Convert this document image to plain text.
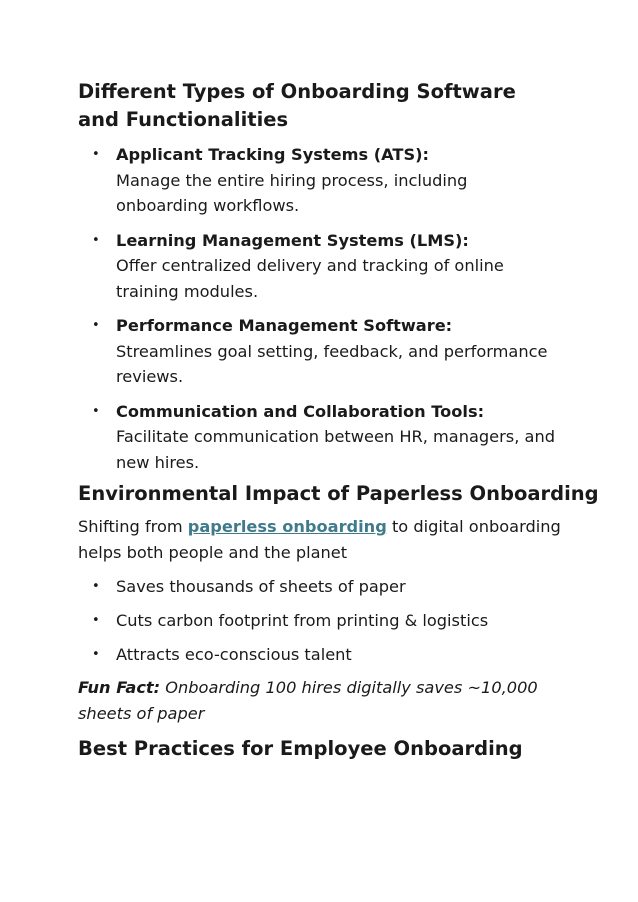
Different Types of Onboarding Software and Functionalities
• Applicant Tracking Systems (ATS):
Manage the entire hiring process, including onboarding workflows.
• Learning Management Systems (LMS):
Offer centralized delivery and tracking of online training modules.
• Performance Management Software:
Streamlines goal setting, feedback, and performance reviews.
• Communication and Collaboration Tools:
Facilitate communication between HR, managers, and new hires.
Environmental Impact of Paperless Onboarding

Shifting from paperless onboarding to digital onboarding helps both people and the planet

• Saves thousands of sheets of paper
• Cuts carbon footprint from printing & logistics
• Attracts eco-conscious talent

Fun Fact: Onboarding 100 hires digitally saves ~10,000 sheets of paper

Best Practices for Employee Onboarding
